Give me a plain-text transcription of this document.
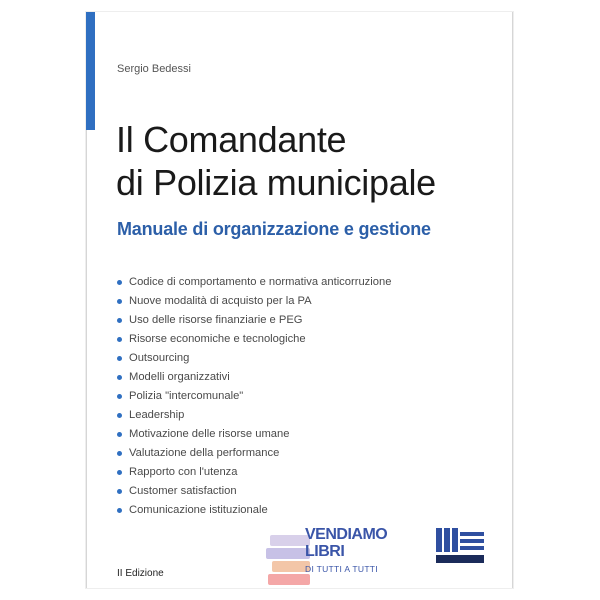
Sergio Bedessi
Il Comandante
di Polizia municipale
Manuale di organizzazione e gestione
Codice di comportamento e normativa anticorruzione
Nuove modalità di acquisto per la PA
Uso delle risorse finanziarie e PEG
Risorse economiche e tecnologiche
Outsourcing
Modelli organizzativi
Polizia "intercomunale"
Leadership
Motivazione delle risorse umane
Valutazione della performance
Rapporto con l'utenza
Customer satisfaction
Comunicazione istituzionale
II Edizione
VENDIAMO
LIBRI
DI TUTTI A TUTTI
